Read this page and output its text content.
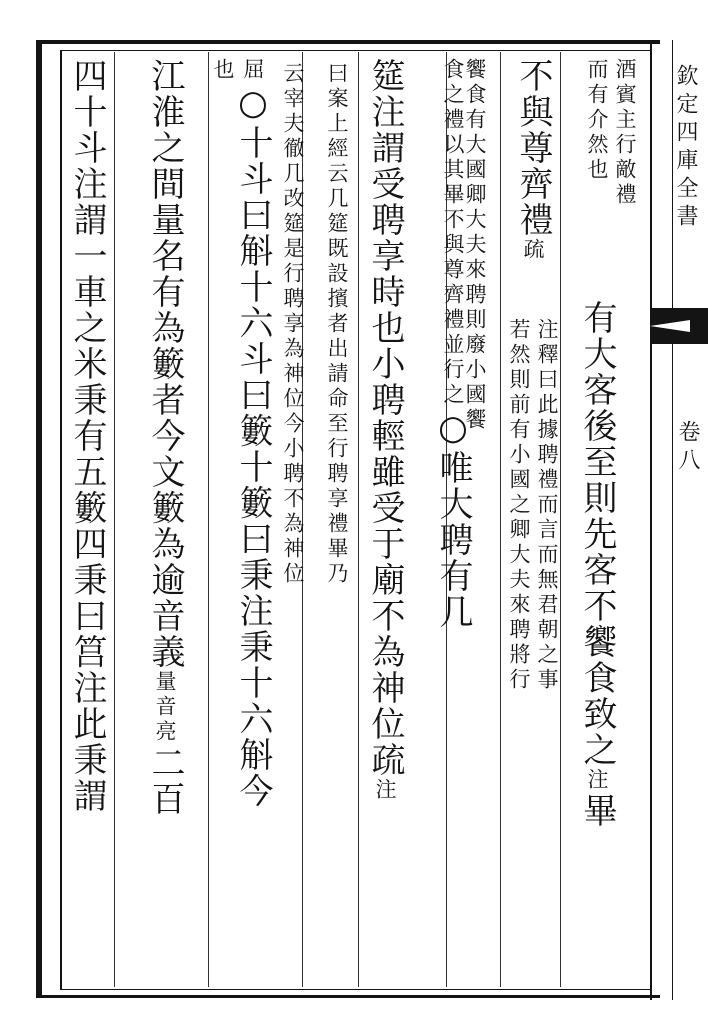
欽定四庫全書
卷八
酒賓主行敵禮
而有介然也
不與尊齊禮疏
有大客後至則先客不饗食致之注畢
若然則前有小國之卿大夫來聘將行 注釋曰此據聘禮而言而無君朝之事
饗食有大國卿大夫來聘則廢小國饗
食之禮以其畢不與尊齊禮並行之○唯大聘有几
筵注謂受聘享時也小聘輕雖受于廟不為神位疏注
曰案上經云几筵既設擯者出請命至行聘享禮畢乃
云宰夫徹几改筵是行聘享為神位今小聘不為神位
屈○十斗曰斛十六斗曰籔十籔曰秉注秉十六斛今
也
江淮之間量名有為籔者今文籔為逾音義量音亮二百
四十斗注謂一車之米秉有五籔四秉曰筥注此秉謂
